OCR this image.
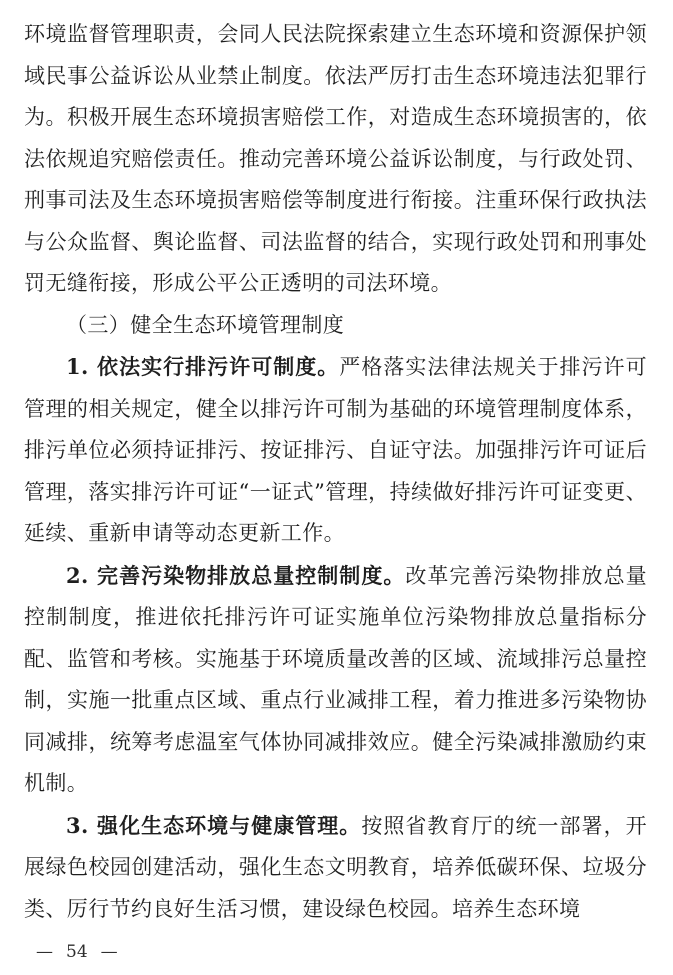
环境监督管理职责，会同人民法院探索建立生态环境和资源保护领域民事公益诉讼从业禁止制度。依法严厉打击生态环境违法犯罪行为。积极开展生态环境损害赔偿工作，对造成生态环境损害的，依法依规追究赔偿责任。推动完善环境公益诉讼制度，与行政处罚、刑事司法及生态环境损害赔偿等制度进行衔接。注重环保行政执法与公众监督、舆论监督、司法监督的结合，实现行政处罚和刑事处罚无缝衔接，形成公平公正透明的司法环境。

（三）健全生态环境管理制度

1. 依法实行排污许可制度。严格落实法律法规关于排污许可管理的相关规定，健全以排污许可制为基础的环境管理制度体系，排污单位必须持证排污、按证排污、自证守法。加强排污许可证后管理，落实排污许可证“一证式”管理，持续做好排污许可证变更、延续、重新申请等动态更新工作。

2. 完善污染物排放总量控制制度。改革完善污染物排放总量控制制度，推进依托排污许可证实施单位污染物排放总量指标分配、监管和考核。实施基于环境质量改善的区域、流域排污总量控制，实施一批重点区域、重点行业减排工程，着力推进多污染物协同减排，统筹考虑温室气体协同减排效应。健全污染减排激励约束机制。

3. 强化生态环境与健康管理。按照省教育厅的统一部署，开展绿色校园创建活动，强化生态文明教育，培养低碳环保、垃圾分类、厉行节约良好生活习惯，建设绿色校园。培养生态环境

— 54 —
